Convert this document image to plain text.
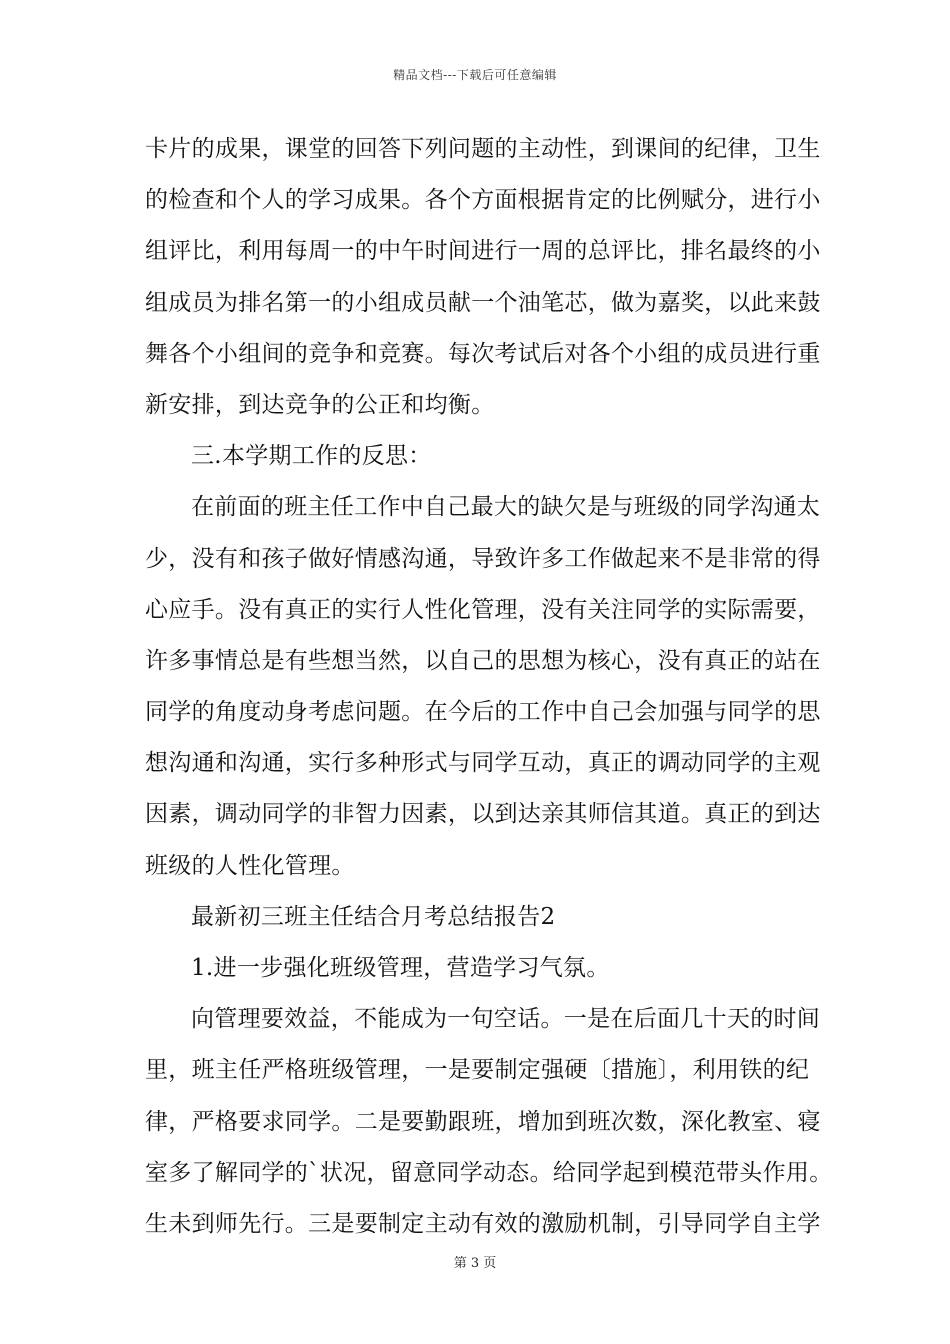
精品文档---下载后可任意编辑
卡片的成果，课堂的回答下列问题的主动性，到课间的纪律，卫生
的检查和个人的学习成果。各个方面根据肯定的比例赋分，进行小
组评比，利用每周一的中午时间进行一周的总评比，排名最终的小
组成员为排名第一的小组成员献一个油笔芯，做为嘉奖，以此来鼓
舞各个小组间的竞争和竞赛。每次考试后对各个小组的成员进行重
新安排，到达竞争的公正和均衡。
三.本学期工作的反思：
在前面的班主任工作中自己最大的缺欠是与班级的同学沟通太
少，没有和孩子做好情感沟通，导致许多工作做起来不是非常的得
心应手。没有真正的实行人性化管理，没有关注同学的实际需要，
许多事情总是有些想当然，以自己的思想为核心，没有真正的站在
同学的角度动身考虑问题。在今后的工作中自己会加强与同学的思
想沟通和沟通，实行多种形式与同学互动，真正的调动同学的主观
因素，调动同学的非智力因素，以到达亲其师信其道。真正的到达
班级的人性化管理。
最新初三班主任结合月考总结报告2
1.进一步强化班级管理，营造学习气氛。
向管理要效益，不能成为一句空话。一是在后面几十天的时间
里，班主任严格班级管理，一是要制定强硬〔措施〕，利用铁的纪
律，严格要求同学。二是要勤跟班，增加到班次数，深化教室、寝
室多了解同学的`状况，留意同学动态。给同学起到模范带头作用。
生未到师先行。三是要制定主动有效的激励机制，引导同学自主学
第 3 页
